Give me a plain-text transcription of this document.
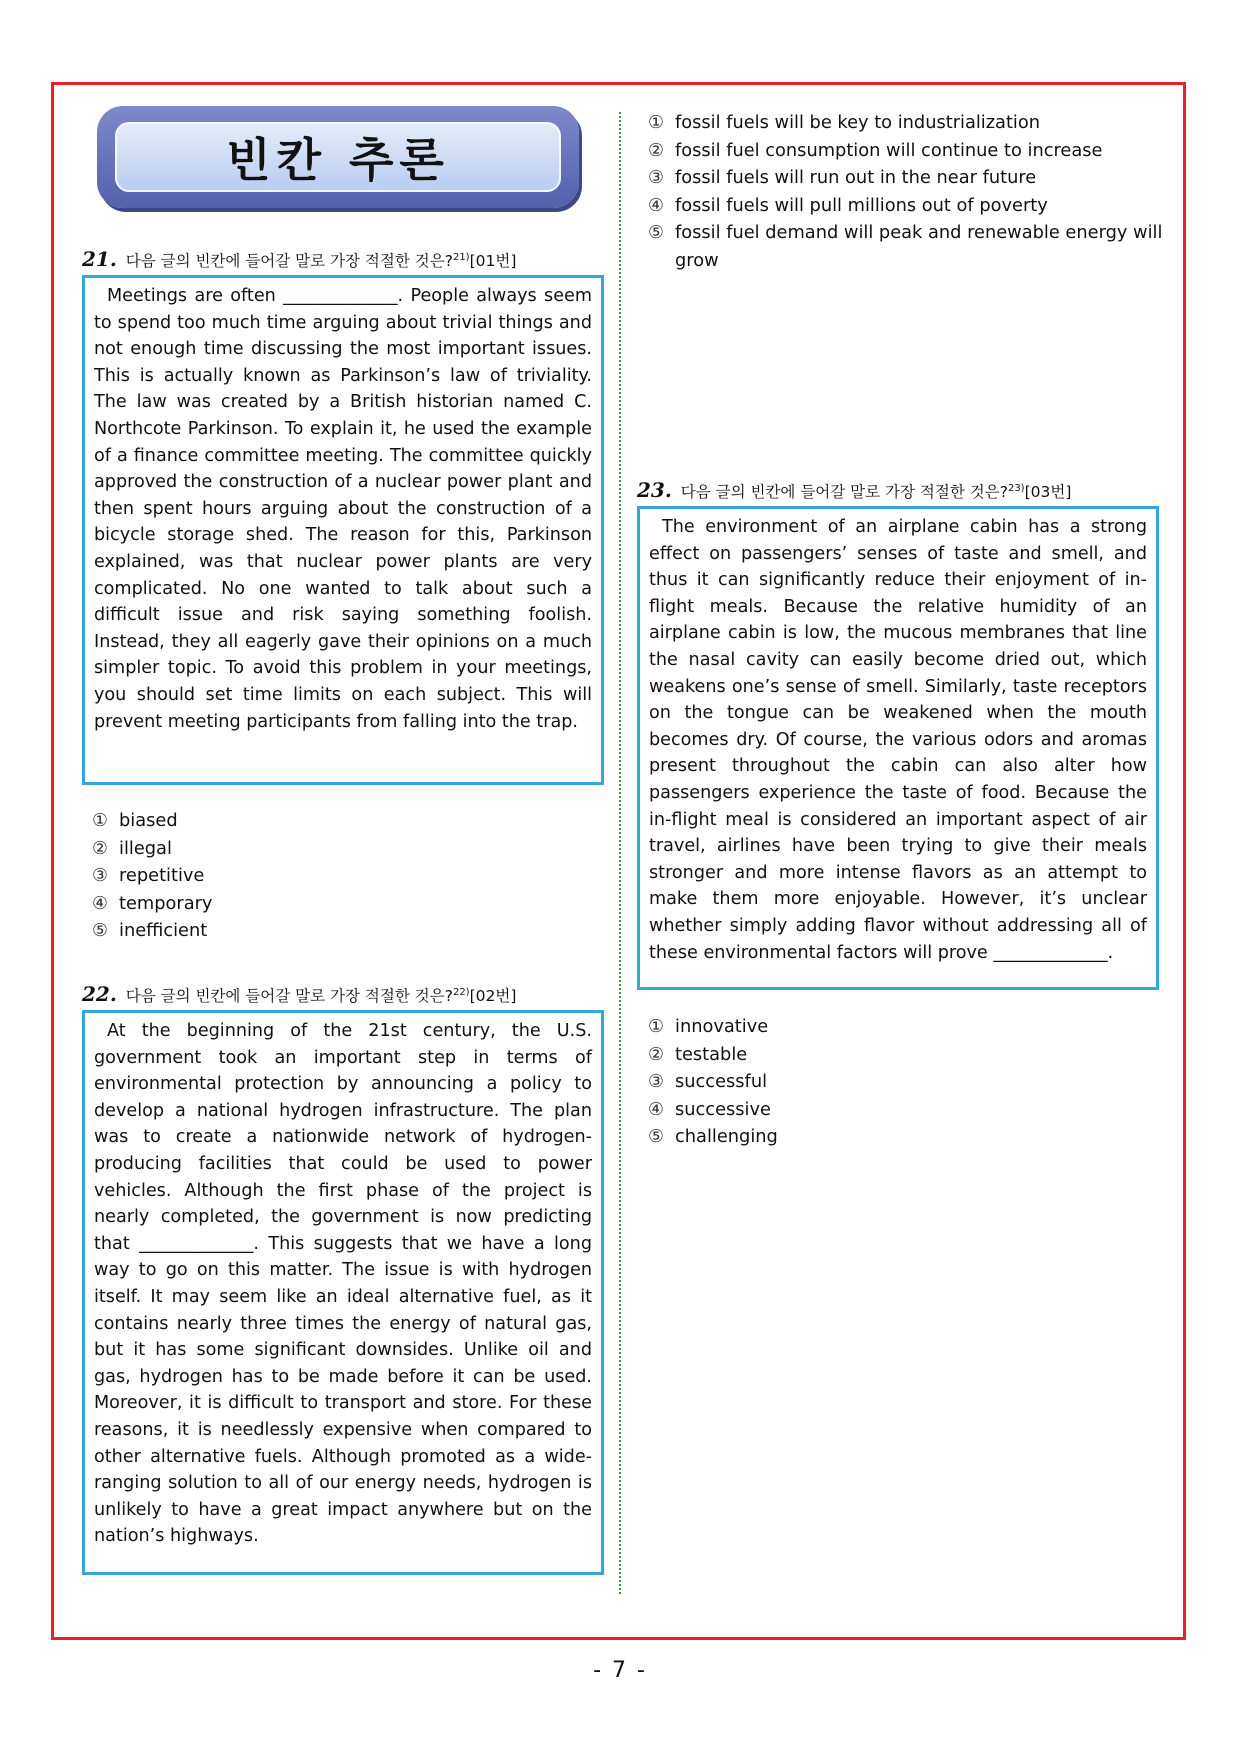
빈칸 추론
21. 다음 글의 빈칸에 들어갈 말로 가장 적절한 것은?$^{21)}$[01번]
Meetings are often _____________. People always seem to spend too much time arguing about trivial things and not enough time discussing the most important issues. This is actually known as Parkinson’s law of triviality. The law was created by a British historian named C. Northcote Parkinson. To explain it, he used the example of a finance committee meeting. The committee quickly approved the construction of a nuclear power plant and then spent hours arguing about the construction of a bicycle storage shed. The reason for this, Parkinson explained, was that nuclear power plants are very complicated. No one wanted to talk about such a difficult issue and risk saying something foolish. Instead, they all eagerly gave their opinions on a much simpler topic. To avoid this problem in your meetings, you should set time limits on each subject. This will prevent meeting participants from falling into the trap.
① biased
② illegal
③ repetitive
④ temporary
⑤ inefficient
22. 다음 글의 빈칸에 들어갈 말로 가장 적절한 것은?$^{22)}$[02번]
At the beginning of the 21st century, the U.S. government took an important step in terms of environmental protection by announcing a policy to develop a national hydrogen infrastructure. The plan was to create a nationwide network of hydrogen-producing facilities that could be used to power vehicles. Although the first phase of the project is nearly completed, the government is now predicting that _____________. This suggests that we have a long way to go on this matter. The issue is with hydrogen itself. It may seem like an ideal alternative fuel, as it contains nearly three times the energy of natural gas, but it has some significant downsides. Unlike oil and gas, hydrogen has to be made before it can be used. Moreover, it is difficult to transport and store. For these reasons, it is needlessly expensive when compared to other alternative fuels. Although promoted as a wide-ranging solution to all of our energy needs, hydrogen is unlikely to have a great impact anywhere but on the nation’s highways.
① fossil fuels will be key to industrialization
② fossil fuel consumption will continue to increase
③ fossil fuels will run out in the near future
④ fossil fuels will pull millions out of poverty
⑤ fossil fuel demand will peak and renewable energy will grow
23. 다음 글의 빈칸에 들어갈 말로 가장 적절한 것은?$^{23)}$[03번]
The environment of an airplane cabin has a strong effect on passengers’ senses of taste and smell, and thus it can significantly reduce their enjoyment of in-flight meals. Because the relative humidity of an airplane cabin is low, the mucous membranes that line the nasal cavity can easily become dried out, which weakens one’s sense of smell. Similarly, taste receptors on the tongue can be weakened when the mouth becomes dry. Of course, the various odors and aromas present throughout the cabin can also alter how passengers experience the taste of food. Because the in-flight meal is considered an important aspect of air travel, airlines have been trying to give their meals stronger and more intense flavors as an attempt to make them more enjoyable. However, it’s unclear whether simply adding flavor without addressing all of these environmental factors will prove _____________.
① innovative
② testable
③ successful
④ successive
⑤ challenging
- 7 -
